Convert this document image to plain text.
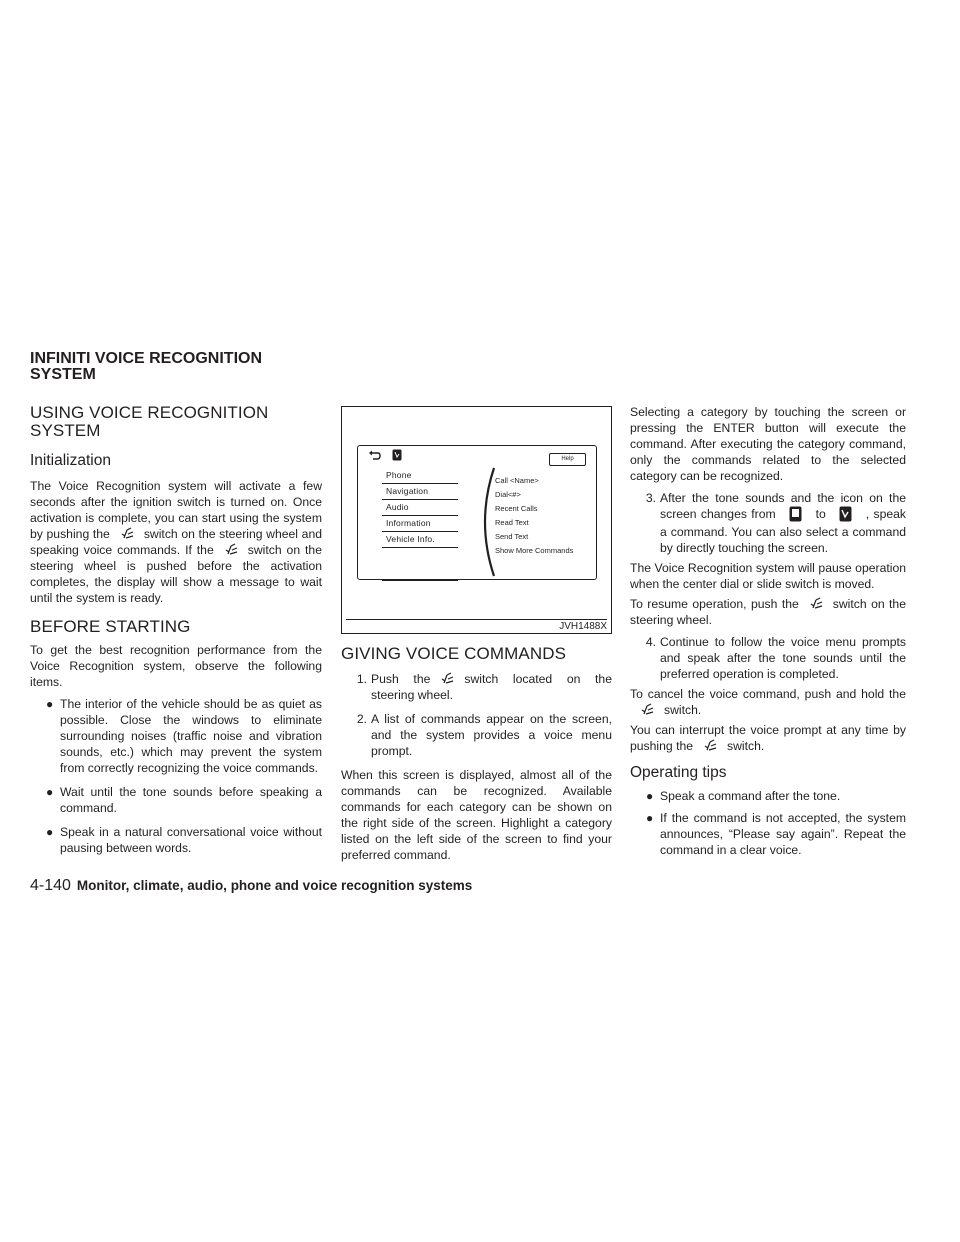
INFINITI VOICE RECOGNITION
SYSTEM
USING VOICE RECOGNITION SYSTEM
Initialization

The Voice Recognition system will activate a few seconds after the ignition switch is turned on. Once activation is complete, you can start using the system by pushing the	switch on the steering wheel and speaking voice commands. If the	switch on the steering wheel is pushed before the activation completes, the display will show a message to wait until the system is ready.

BEFORE STARTING

To get the best recognition performance from the Voice Recognition system, observe the following items.

● The interior of the vehicle should be as quiet as possible. Close the windows to eliminate surrounding noises (traffic noise and vibration sounds, etc.) which may prevent the system from correctly recognizing the voice commands.
● Wait until the tone sounds before speaking a command.
● Speak in a natural conversational voice without pausing between words.
Help
Phone
Navigation
Audio
Information
Vehicle Info.
Call <Name>
Dial<#>
Recent Calls
Read Text
Send Text
Show More Commands
JVH1488X
GIVING VOICE COMMANDS
1. Push the	switch located on the steering wheel.
2. A list of commands appear on the screen, and the system provides a voice menu prompt.

When this screen is displayed, almost all of the commands can be recognized. Available commands for each category can be shown on the right side of the screen. Highlight a category listed on the left side of the screen to find your preferred command.

Selecting a category by touching the screen or pressing the ENTER button will execute the command. After executing the category command, only the commands related to the selected category can be recognized.

3. After the tone sounds and the icon on the screen changes from	to	, speak a command. You can also select a command by directly touching the screen.

The Voice Recognition system will pause operation when the center dial or slide switch is moved.

To resume operation, push the	switch on the steering wheel.

4. Continue to follow the voice menu prompts and speak after the tone sounds until the preferred operation is completed.

To cancel the voice command, push and hold theswitch.

You can interrupt the voice prompt at any time by pushing the	switch.

Operating tips
● Speak a command after the tone.
● If the command is not accepted, the system announces, “Please say again”. Repeat the command in a clear voice.
4-140 Monitor, climate, audio, phone and voice recognition systems
